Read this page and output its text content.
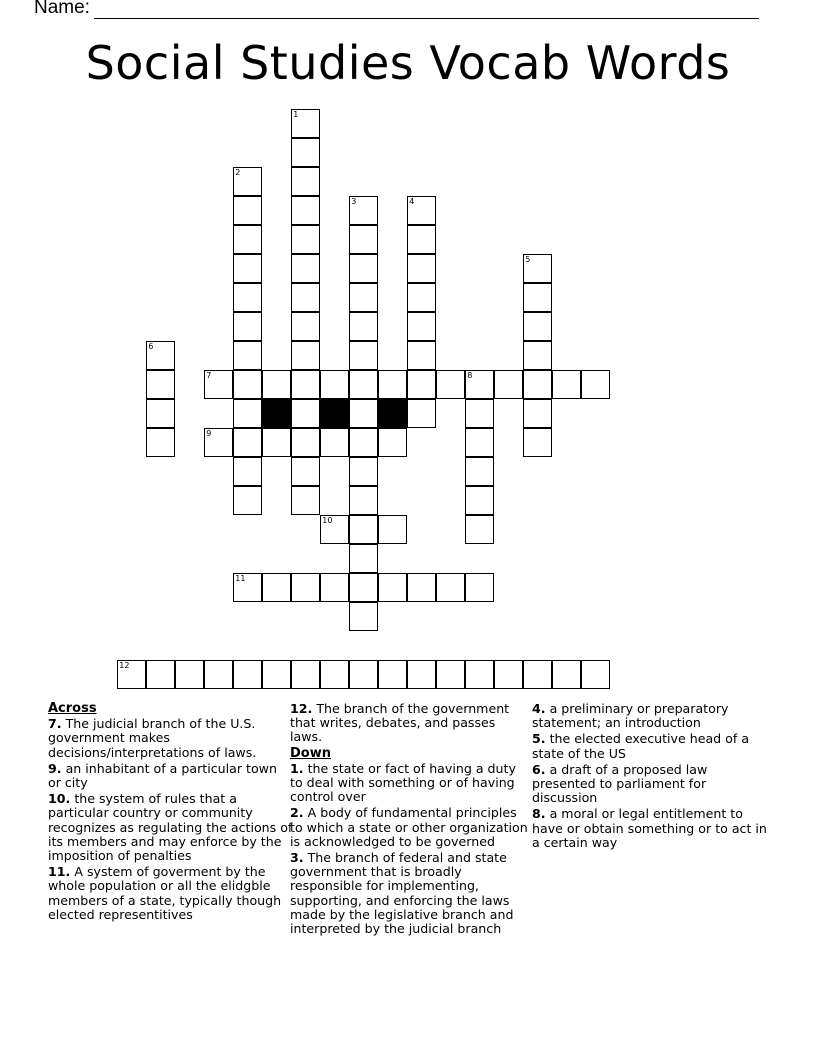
Name:
Social Studies Vocab Words
1
2
3	4
5
6
7	8
9
10
11
12
Across
7. The judicial branch of the U.S. government makes decisions/interpretations of laws.
9. an inhabitant of a particular town or city
10. the system of rules that a particular country or community recognizes as regulating the actions of its members and may enforce by the imposition of penalties
11. A system of goverment by the whole population or all the elidgble members of a state, typically though elected representitives
12. The branch of the government that writes, debates, and passes laws.
Down
1. the state or fact of having a duty to deal with something or of having control over
2. A body of fundamental principles to which a state or other organization is acknowledged to be governed
3. The branch of federal and state government that is broadly responsible for implementing, supporting, and enforcing the laws made by the legislative branch and interpreted by the judicial branch
4. a preliminary or preparatory statement; an introduction
5. the elected executive head of a state of the US
6. a draft of a proposed law presented to parliament for discussion
8. a moral or legal entitlement to have or obtain something or to act in a certain way
